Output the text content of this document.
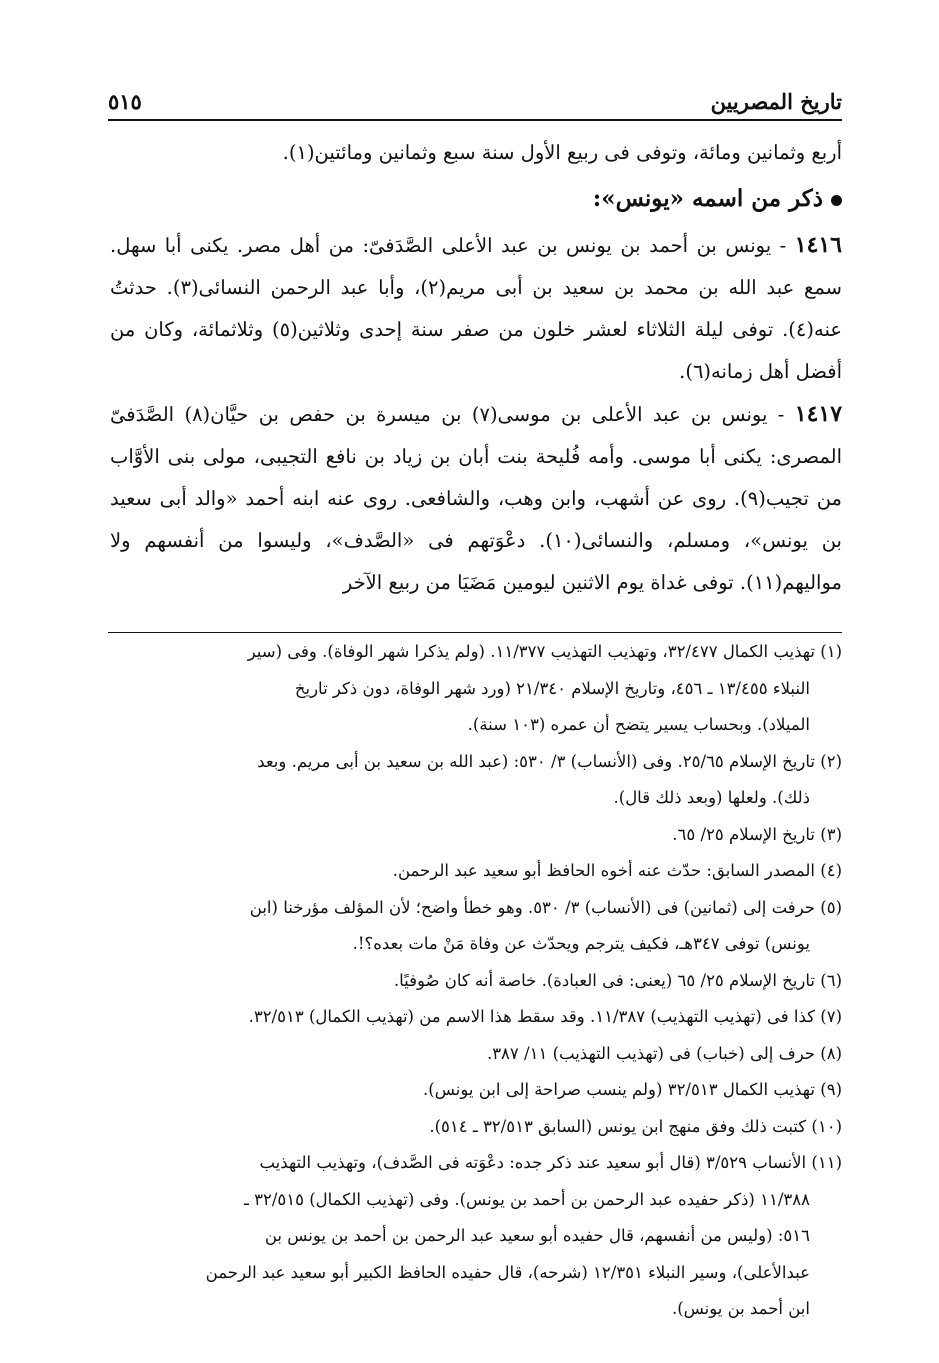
تاريخ المصريين
٥١٥

أربع وثمانين ومائة، وتوفى فى ربيع الأول سنة سبع وثمانين ومائتين(١).

ذكر من اسمه «يونس»:

١٤١٦ - يونس بن أحمد بن يونس بن عبد الأعلى الصَّدَفىّ: من أهل مصر. يكنى أبا سهل. سمع عبد الله بن محمد بن سعيد بن أبى مريم(٢)، وأبا عبد الرحمن النسائى(٣). حدثتُ عنه(٤). توفى ليلة الثلاثاء لعشر خلون من صفر سنة إحدى وثلاثين(٥) وثلاثمائة، وكان من أفضل أهل زمانه(٦).

١٤١٧ - يونس بن عبد الأعلى بن موسى(٧) بن ميسرة بن حفص بن حيَّان(٨) الصَّدَفىّ المصرى: يكنى أبا موسى. وأمه فُليحة بنت أبان بن زياد بن نافع التجيبى، مولى بنى الأوَّاب من تجيب(٩). روى عن أشهب، وابن وهب، والشافعى. روى عنه ابنه أحمد «والد أبى سعيد بن يونس»، ومسلم، والنسائى(١٠). دعْوَتهم فى «الصَّدف»، وليسوا من أنفسهم ولا مواليهم(١١). توفى غداة يوم الاثنين ليومين مَضَيَا من ربيع الآخر

(١) تهذيب الكمال ٣٢/٤٧٧، وتهذيب التهذيب ١١/٣٧٧. (ولم يذكرا شهر الوفاة). وفى (سير

النبلاء ١٣/٤٥٥ ـ ٤٥٦، وتاريخ الإسلام ٢١/٣٤٠ (ورد شهر الوفاة، دون ذكر تاريخ

الميلاد). وبحساب يسير يتضح أن عمره (١٠٣ سنة).

(٢) تاريخ الإسلام ٢٥/٦٥. وفى (الأنساب) ٣/ ٥٣٠: (عبد الله بن سعيد بن أبى مريم. وبعد

ذلك). ولعلها (وبعد ذلك قال).

(٣) تاريخ الإسلام ٢٥/ ٦٥.

(٤) المصدر السابق: حدّث عنه أخوه الحافظ أبو سعيد عبد الرحمن.

(٥) حرفت إلى (ثمانين) فى (الأنساب) ٣/ ٥٣٠. وهو خطأ واضح؛ لأن المؤلف مؤرخنا (ابن

يونس) توفى ٣٤٧هـ، فكيف يترجم ويحدّث عن وفاة مَنْ مات بعده؟!.

(٦) تاريخ الإسلام ٢٥/ ٦٥ (يعنى: فى العبادة). خاصة أنه كان صُوفيًا.

(٧) كذا فى (تهذيب التهذيب) ١١/٣٨٧. وقد سقط هذا الاسم من (تهذيب الكمال) ٣٢/٥١٣.

(٨) حرف إلى (خباب) فى (تهذيب التهذيب) ١١/ ٣٨٧.

(٩) تهذيب الكمال ٣٢/٥١٣ (ولم ينسب صراحة إلى ابن يونس).

(١٠) كتبت ذلك وفق منهج ابن يونس (السابق ٣٢/٥١٣ ـ ٥١٤).

(١١) الأنساب ٣/٥٢٩ (قال أبو سعيد عند ذكر جده: دعْوَته فى الصَّدف)، وتهذيب التهذيب

١١/٣٨٨ (ذكر حفيده عبد الرحمن بن أحمد بن يونس). وفى (تهذيب الكمال) ٣٢/٥١٥ ـ

٥١٦: (وليس من أنفسهم، قال حفيده أبو سعيد عبد الرحمن بن أحمد بن يونس بن

عبدالأعلى)، وسير النبلاء ١٢/٣٥١ (شرحه)، قال حفيده الحافظ الكبير أبو سعيد عبد الرحمن

ابن أحمد بن يونس).
